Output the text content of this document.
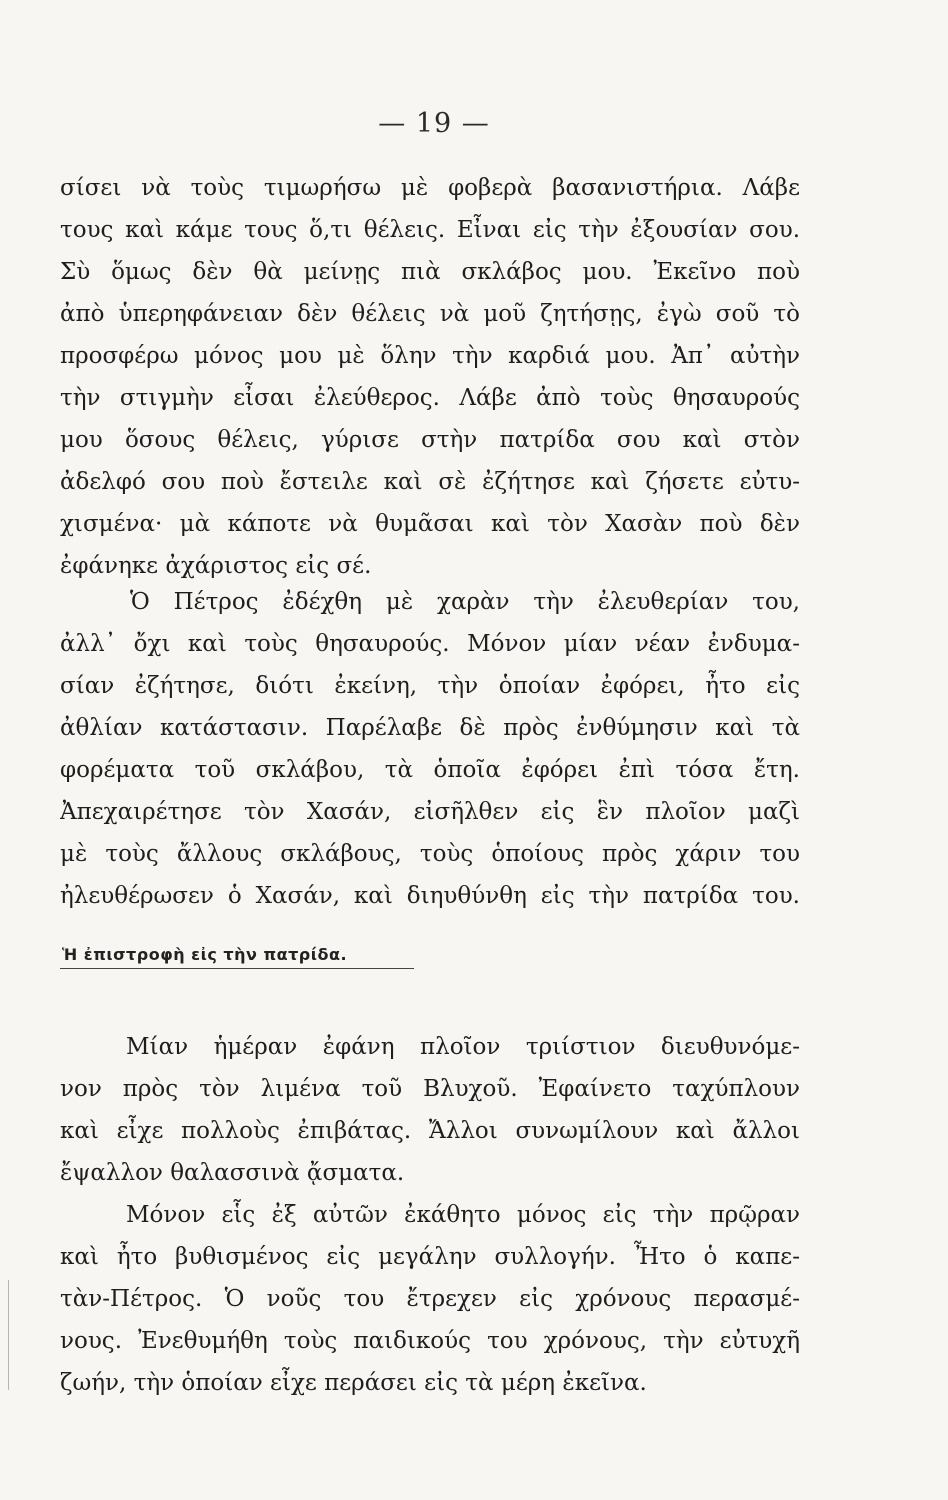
— 19 —
σίσει νὰ τοὺς τιμωρήσω μὲ φοβερὰ βασανιστήρια. Λάβε
τους καὶ κάμε τους ὅ,τι θέλεις. Εἶναι εἰς τὴν ἐξουσίαν σου.
Σὺ ὅμως δὲν θὰ μείνῃς πιὰ σκλάβος μου. Ἐκεῖνο ποὺ
ἀπὸ ὑπερηφάνειαν δὲν θέλεις νὰ μοῦ ζητήσῃς, ἐγὼ σοῦ τὸ
προσφέρω μόνος μου μὲ ὅλην τὴν καρδιά μου. Ἀπ᾿ αὐτὴν
τὴν στιγμὴν εἶσαι ἐλεύθερος. Λάβε ἀπὸ τοὺς θησαυρούς
μου ὅσους θέλεις, γύρισε στὴν πατρίδα σου καὶ στὸν
ἀδελφό σου ποὺ ἔστειλε καὶ σὲ ἐζήτησε καὶ ζήσετε εὐτυ-
χισμένα· μὰ κάποτε νὰ θυμᾶσαι καὶ τὸν Χασὰν ποὺ δὲν
ἐφάνηκε ἀχάριστος εἰς σέ.
Ὁ Πέτρος ἐδέχθη μὲ χαρὰν τὴν ἐλευθερίαν του,
ἀλλ᾿ ὄχι καὶ τοὺς θησαυρούς. Μόνον μίαν νέαν ἐνδυμα-
σίαν ἐζήτησε, διότι ἐκείνη, τὴν ὁποίαν ἐφόρει, ἦτο εἰς
ἀθλίαν κατάστασιν. Παρέλαβε δὲ πρὸς ἐνθύμησιν καὶ τὰ
φορέματα τοῦ σκλάβου, τὰ ὁποῖα ἐφόρει ἐπὶ τόσα ἔτη.
Ἀπεχαιρέτησε τὸν Χασάν, εἰσῆλθεν εἰς ἓν πλοῖον μαζὶ
μὲ τοὺς ἄλλους σκλάβους, τοὺς ὁποίους πρὸς χάριν του
ἠλευθέρωσεν ὁ Χασάν, καὶ διηυθύνθη εἰς τὴν πατρίδα του.
Ἡ ἐπιστροφὴ εἰς τὴν πατρίδα.
Μίαν ἡμέραν ἐφάνη πλοῖον τριίστιον διευθυνόμε-
νον πρὸς τὸν λιμένα τοῦ Βλυχοῦ. Ἐφαίνετο ταχύπλουν
καὶ εἶχε πολλοὺς ἐπιβάτας. Ἄλλοι συνωμίλουν καὶ ἄλλοι
ἔψαλλον θαλασσινὰ ᾄσματα.
Μόνον εἷς ἐξ αὐτῶν ἐκάθητο μόνος εἰς τὴν πρῷραν
καὶ ἦτο βυθισμένος εἰς μεγάλην συλλογήν. Ἦτο ὁ καπε-
τὰν-Πέτρος. Ὁ νοῦς του ἔτρεχεν εἰς χρόνους περασμέ-
νους. Ἐνεθυμήθη τοὺς παιδικούς του χρόνους, τὴν εὐτυχῆ
ζωήν, τὴν ὁποίαν εἶχε περάσει εἰς τὰ μέρη ἐκεῖνα.
